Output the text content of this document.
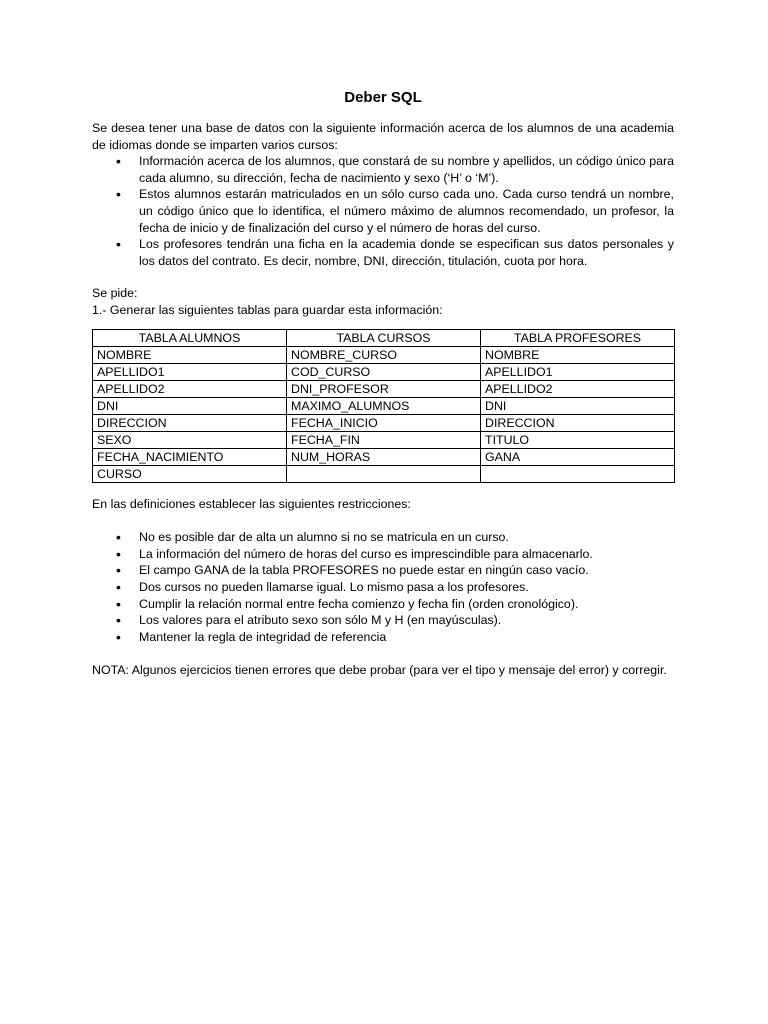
Deber SQL

Se desea tener una base de datos con la siguiente información acerca de los alumnos de una academia de idiomas donde se imparten varios cursos:

• Información acerca de los alumnos, que constará de su nombre y apellidos, un código único para cada alumno, su dirección, fecha de nacimiento y sexo (‘H’ o ‘M’).
• Estos alumnos estarán matriculados en un sólo curso cada uno. Cada curso tendrá un nombre, un código único que lo identifica, el número máximo de alumnos recomendado, un profesor, la fecha de inicio y de finalización del curso y el número de horas del curso.
• Los profesores tendrán una ficha en la academia donde se especifican sus datos personales y los datos del contrato. Es decir, nombre, DNI, dirección, titulación, cuota por hora.

Se pide:

1.- Generar las siguientes tablas para guardar esta información:

TABLA ALUMNOS	TABLA CURSOS	TABLA PROFESORES
NOMBRE	NOMBRE_CURSO	NOMBRE
APELLIDO1	COD_CURSO	APELLIDO1
APELLIDO2	DNI_PROFESOR	APELLIDO2
DNI	MAXIMO_ALUMNOS	DNI
DIRECCION	FECHA_INICIO	DIRECCION
SEXO	FECHA_FIN	TITULO
FECHA_NACIMIENTO	NUM_HORAS	GANA
CURSO		

En las definiciones establecer las siguientes restricciones:

• No es posible dar de alta un alumno si no se matricula en un curso.
• La información del número de horas del curso es imprescindible para almacenarlo.
• El campo GANA de la tabla PROFESORES no puede estar en ningún caso vacío.
• Dos cursos no pueden llamarse igual. Lo mismo pasa a los profesores.
• Cumplir la relación normal entre fecha comienzo y fecha fin (orden cronológico).
• Los valores para el atributo sexo son sólo M y H (en mayúsculas).
• Mantener la regla de integridad de referencia

NOTA: Algunos ejercicios tienen errores que debe probar (para ver el tipo y mensaje del error) y corregir.
